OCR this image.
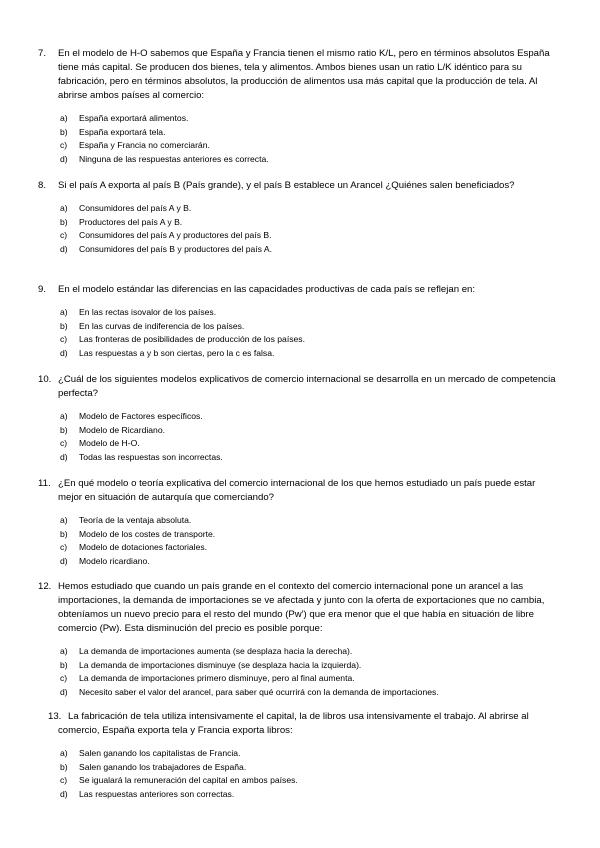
7. En el modelo de H-O sabemos que España y Francia tienen el mismo ratio K/L, pero en términos absolutos España tiene más capital. Se producen dos bienes, tela y alimentos. Ambos bienes usan un ratio L/K idéntico para su fabricación, pero en términos absolutos, la producción de alimentos usa más capital que la producción de tela. Al abrirse ambos países al comercio:
a) España exportará alimentos.
b) España exportará tela.
c) España y Francia no comerciarán.
d) Ninguna de las respuestas anteriores es correcta.
8. Si el país A exporta al país B (País grande), y el país B establece un Arancel ¿Quiénes salen beneficiados?
a) Consumidores del país A y B.
b) Productores del país A y B.
c) Consumidores del país A y productores del país B.
d) Consumidores del país B y productores del país A.
9. En el modelo estándar las diferencias en las capacidades productivas de cada país se reflejan en:
a) En las rectas isovalor de los países.
b) En las curvas de indiferencia de los países.
c) Las fronteras de posibilidades de producción de los países.
d) Las respuestas a y b son ciertas, pero la c es falsa.
10. ¿Cuál de los siguientes modelos explicativos de comercio internacional se desarrolla en un mercado de competencia perfecta?
a) Modelo de Factores específicos.
b) Modelo de Ricardiano.
c) Modelo de H-O.
d) Todas las respuestas son incorrectas.
11. ¿En qué modelo o teoría explicativa del comercio internacional de los que hemos estudiado un país puede estar mejor en situación de autarquía que comerciando?
a) Teoría de la ventaja absoluta.
b) Modelo de los costes de transporte.
c) Modelo de dotaciones factoriales.
d) Modelo ricardiano.
12. Hemos estudiado que cuando un país grande en el contexto del comercio internacional pone un arancel a las importaciones, la demanda de importaciones se ve afectada y junto con la oferta de exportaciones que no cambia, obteníamos un nuevo precio para el resto del mundo (Pw') que era menor que el que había en situación de libre comercio (Pw). Esta disminución del precio es posible porque:
a) La demanda de importaciones aumenta (se desplaza hacia la derecha).
b) La demanda de importaciones disminuye (se desplaza hacia la izquierda).
c) La demanda de importaciones primero disminuye, pero al final aumenta.
d) Necesito saber el valor del arancel, para saber qué ocurrirá con la demanda de importaciones.
13. La fabricación de tela utiliza intensivamente el capital, la de libros usa intensivamente el trabajo. Al abrirse al comercio, España exporta tela y Francia exporta libros:
a) Salen ganando los capitalistas de Francia.
b) Salen ganando los trabajadores de España.
c) Se igualará la remuneración del capital en ambos países.
d) Las respuestas anteriores son correctas.
